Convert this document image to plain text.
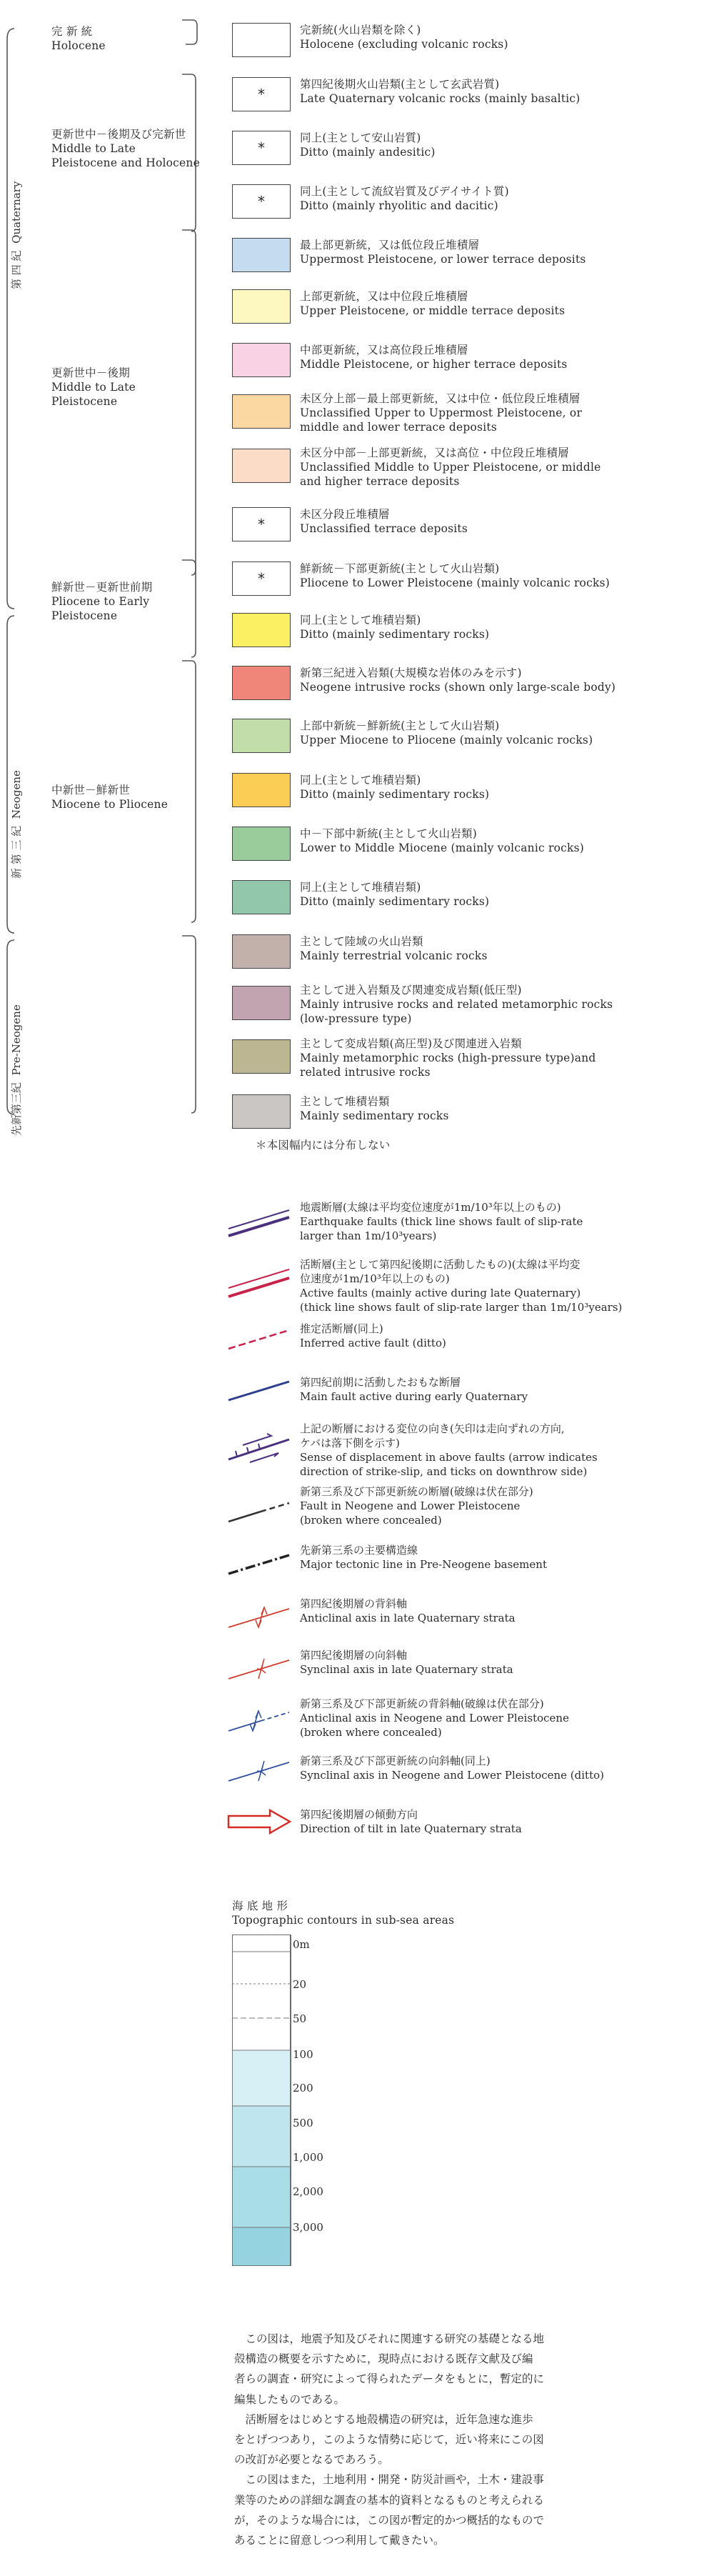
第 四 紀  Quaternary
新 第 三 紀  Neogene
先新第三紀  Pre-Neogene
完 新 統
Holocene
更新世中－後期及び完新世
Middle to Late
Pleistocene and Holocene
更新世中－後期
Middle to Late
Pleistocene
鮮新世－更新世前期
Pliocene to Early
Pleistocene
中新世－鮮新世
Miocene to Pliocene
完新統(火山岩類を除く)
Holocene (excluding volcanic rocks)
*
第四紀後期火山岩類(主として玄武岩質)
Late Quaternary volcanic rocks (mainly basaltic)
*
同上(主として安山岩質)
Ditto (mainly andesitic)
*
同上(主として流紋岩質及びデイサイト質)
Ditto (mainly rhyolitic and dacitic)
最上部更新統，又は低位段丘堆積層
Uppermost Pleistocene, or lower terrace deposits
上部更新統，又は中位段丘堆積層
Upper Pleistocene, or middle terrace deposits
中部更新統，又は高位段丘堆積層
Middle Pleistocene, or higher terrace deposits
未区分上部－最上部更新統，又は中位・低位段丘堆積層
Unclassified Upper to Uppermost Pleistocene, or
middle and lower terrace deposits
未区分中部－上部更新統，又は高位・中位段丘堆積層
Unclassified Middle to Upper Pleistocene, or middle
and higher terrace deposits
*
未区分段丘堆積層
Unclassified terrace deposits
*
鮮新統－下部更新統(主として火山岩類)
Pliocene to Lower Pleistocene (mainly volcanic rocks)
同上(主として堆積岩類)
Ditto (mainly sedimentary rocks)
新第三紀迸入岩類(大規模な岩体のみを示す)
Neogene intrusive rocks (shown only large-scale body)
上部中新統－鮮新統(主として火山岩類)
Upper Miocene to Pliocene (mainly volcanic rocks)
同上(主として堆積岩類)
Ditto (mainly sedimentary rocks)
中－下部中新統(主として火山岩類)
Lower to Middle Miocene (mainly volcanic rocks)
同上(主として堆積岩類)
Ditto (mainly sedimentary rocks)
主として陸域の火山岩類
Mainly terrestrial volcanic rocks
主として迸入岩類及び関連変成岩類(低圧型)
Mainly intrusive rocks and related metamorphic rocks
(low-pressure type)
主として変成岩類(高圧型)及び関連迸入岩類
Mainly metamorphic rocks (high-pressure type)and
related intrusive rocks
主として堆積岩類
Mainly sedimentary rocks
＊本図幅内には分布しない
地震断層(太線は平均変位速度が1m/10³年以上のもの)
Earthquake faults (thick line shows fault of slip-rate
larger than 1m/10³years)
活断層(主として第四紀後期に活動したもの)(太線は平均変
位速度が1m/10³年以上のもの)
Active faults (mainly active during late Quaternary)
(thick line shows fault of slip-rate larger than 1m/10³years)
推定活断層(同上)
Inferred active fault (ditto)
第四紀前期に活動したおもな断層
Main fault active during early Quaternary
上記の断層における変位の向き(矢印は走向ずれの方向,
ケバは落下側を示す)
Sense of displacement in above faults (arrow indicates
direction of strike-slip, and ticks on downthrow side)
新第三系及び下部更新統の断層(破線は伏在部分)
Fault in Neogene and Lower Pleistocene
(broken where concealed)
先新第三系の主要構造線
Major tectonic line in Pre-Neogene basement
第四紀後期層の背斜軸
Anticlinal axis in late Quaternary strata
第四紀後期層の向斜軸
Synclinal axis in late Quaternary strata
新第三系及び下部更新統の背斜軸(破線は伏在部分)
Anticlinal axis in Neogene and Lower Pleistocene
(broken where concealed)
新第三系及び下部更新統の向斜軸(同上)
Synclinal axis in Neogene and Lower Pleistocene (ditto)
第四紀後期層の傾動方向
Direction of tilt in late Quaternary strata
海 底 地 形
Topographic contours in sub-sea areas
0m
20
50
100
200
500
1,000
2,000
3,000
　この図は，地震予知及びそれに関連する研究の基礎となる地
殻構造の概要を示すために，現時点における既存文献及び編
者らの調査・研究によって得られたデータをもとに，暫定的に
編集したものである。
　活断層をはじめとする地殻構造の研究は，近年急速な進歩
をとげつつあり，このような情勢に応じて，近い将来にこの図
の改訂が必要となるであろう。
　この図はまた，土地利用・開発・防災計画や，土木・建設事
業等のための詳細な調査の基本的資料となるものと考えられる
が，そのような場合には，この図が暫定的かつ概括的なもので
あることに留意しつつ利用して戴きたい。
